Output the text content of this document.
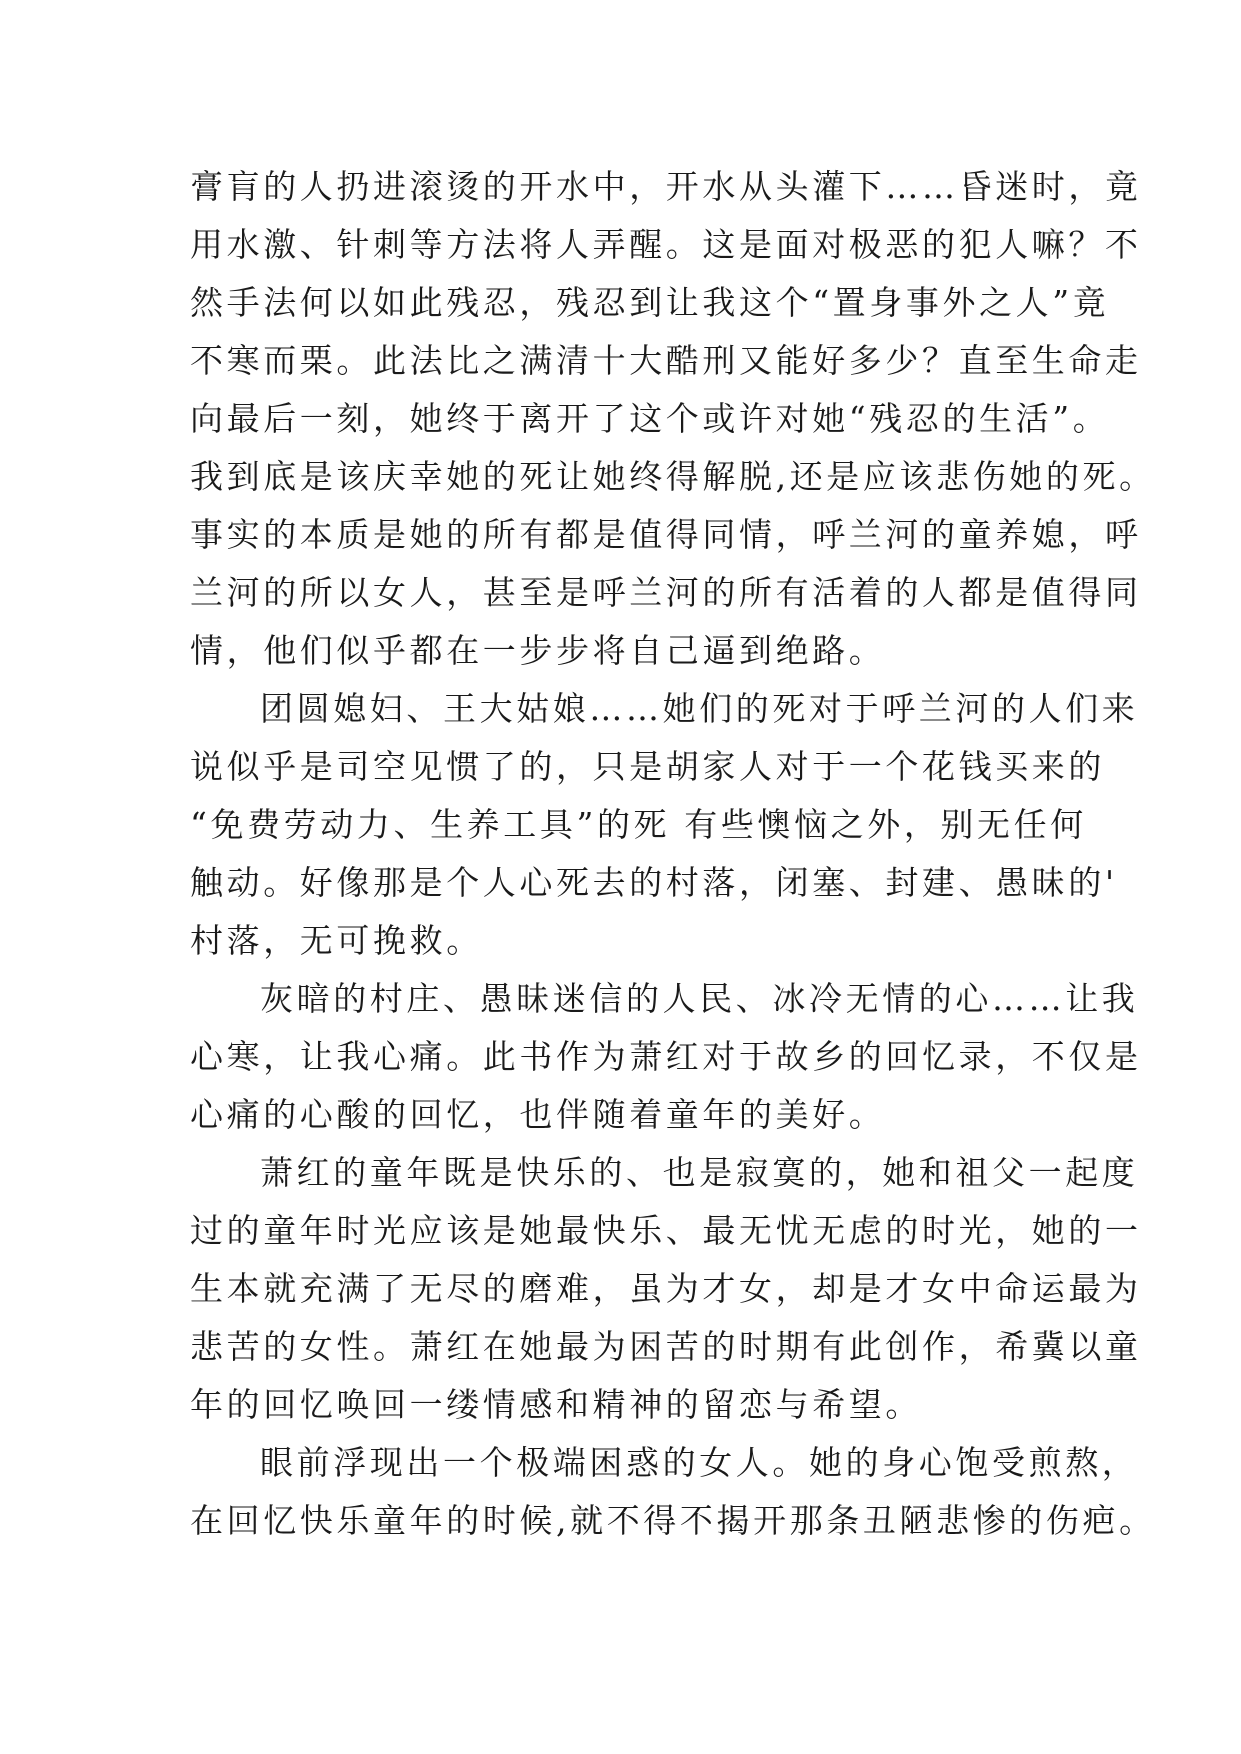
膏肓的人扔进滚烫的开水中，开水从头灌下……昏迷时，竟
用水激、针刺等方法将人弄醒。这是面对极恶的犯人嘛？不
然手法何以如此残忍，残忍到让我这个“置身事外之人”竟
不寒而栗。此法比之满清十大酷刑又能好多少？直至生命走
向最后一刻，她终于离开了这个或许对她“残忍的生活”。
我到底是该庆幸她的死让她终得解脱,还是应该悲伤她的死。
事实的本质是她的所有都是值得同情，呼兰河的童养媳，呼
兰河的所以女人，甚至是呼兰河的所有活着的人都是值得同
情，他们似乎都在一步步将自己逼到绝路。
团圆媳妇、王大姑娘……她们的死对于呼兰河的人们来
说似乎是司空见惯了的，只是胡家人对于一个花钱买来的
“免费劳动力、生养工具”的死 有些懊恼之外，别无任何
触动。好像那是个人心死去的村落，闭塞、封建、愚昧的'
村落，无可挽救。
灰暗的村庄、愚昧迷信的人民、冰冷无情的心……让我
心寒，让我心痛。此书作为萧红对于故乡的回忆录，不仅是
心痛的心酸的回忆，也伴随着童年的美好。
萧红的童年既是快乐的、也是寂寞的，她和祖父一起度
过的童年时光应该是她最快乐、最无忧无虑的时光，她的一
生本就充满了无尽的磨难，虽为才女，却是才女中命运最为
悲苦的女性。萧红在她最为困苦的时期有此创作，希冀以童
年的回忆唤回一缕情感和精神的留恋与希望。
眼前浮现出一个极端困惑的女人。她的身心饱受煎熬，
在回忆快乐童年的时候,就不得不揭开那条丑陋悲惨的伤疤。
